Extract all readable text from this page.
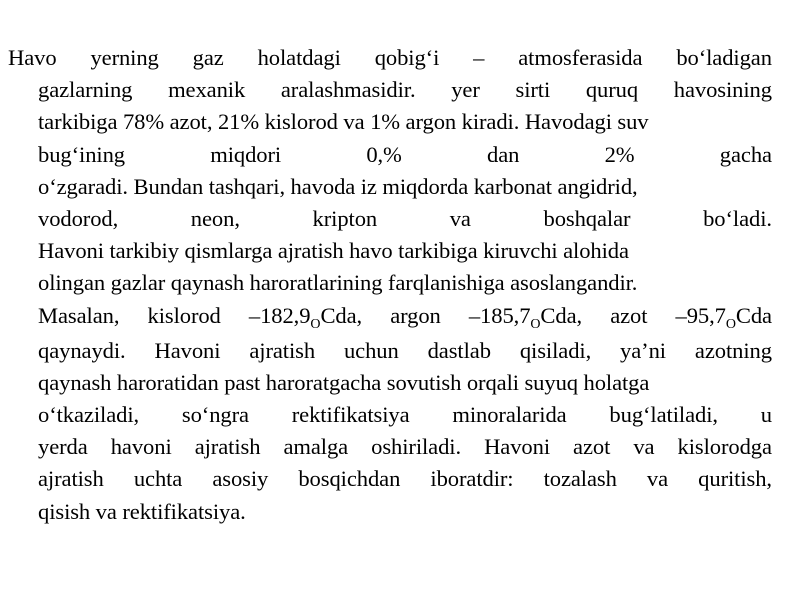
Havo yerning gaz holatdagi qobig‘i – atmosferasida bo‘ladigan
gazlarning mexanik aralashmasidir. yer sirti quruq havosining
tarkibiga 78% azot, 21% kislorod va 1% argon kiradi. Havodagi suv
bug‘ining	miqdori	0,%	dan	2%	gacha
o‘zgaradi. Bundan tashqari, havoda iz miqdorda karbonat angidrid,
vodorod,	neon,	kripton	va	boshqalar	bo‘ladi.
Havoni tarkibiy qismlarga ajratish havo tarkibiga kiruvchi alohida
olingan gazlar qaynash haroratlarining farqlanishiga asoslangandir.
Masalan, kislorod $-182,9_OCda$, argon $-185,7_OCda$, azot $-95,7_OCda$
qaynaydi. Havoni ajratish uchun dastlab qisiladi, ya’ni azotning
qaynash haroratidan past haroratgacha sovutish orqali suyuq holatga
o‘tkaziladi, so‘ngra rektifikatsiya minoralarida bug‘latiladi, u
yerda havoni ajratish amalga oshiriladi. Havoni azot va kislorodga
ajratish uchta asosiy bosqichdan iboratdir: tozalash va quritish,
qisish va rektifikatsiya.
